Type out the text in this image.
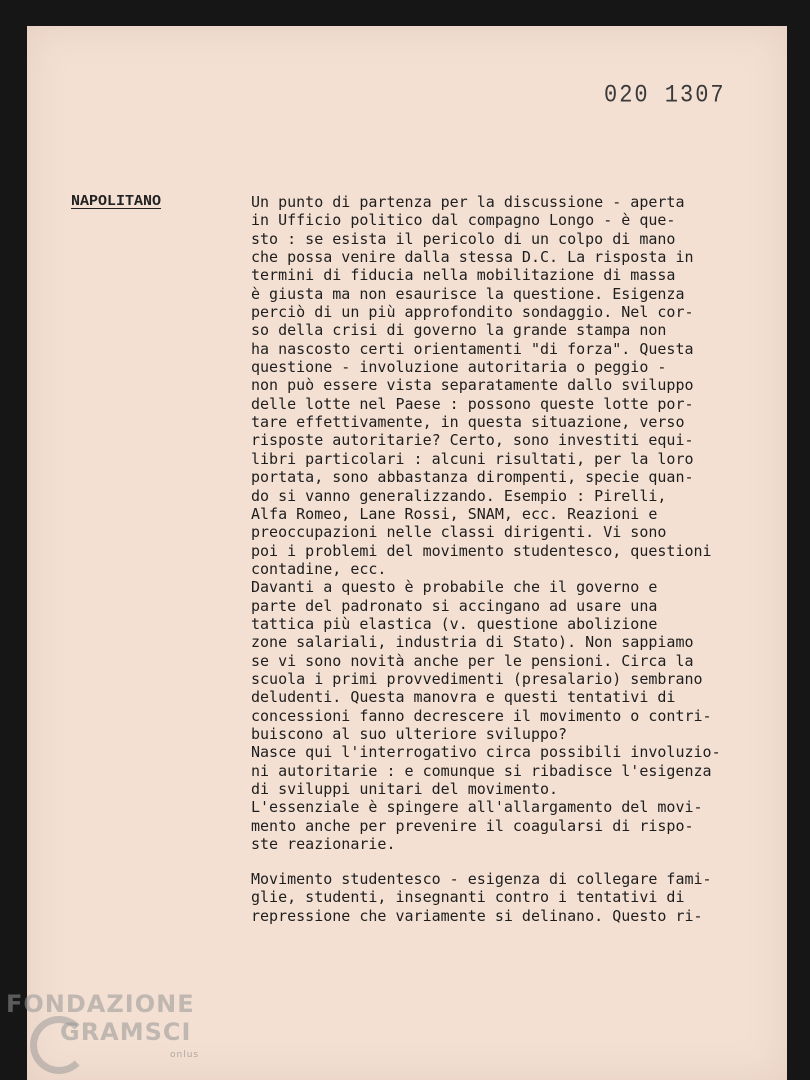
020 1307
NAPOLITANO	Un punto di partenza per la discussione - aperta
in Ufficio politico dal compagno Longo - è que-
sto : se esista il pericolo di un colpo di mano
che possa venire dalla stessa D.C. La risposta in
termini di fiducia nella mobilitazione di massa
è giusta ma non esaurisce la questione. Esigenza
perciò di un più approfondito sondaggio. Nel cor-
so della crisi di governo la grande stampa non
ha nascosto certi orientamenti "di forza". Questa
questione - involuzione autoritaria o peggio -
non può essere vista separatamente dallo sviluppo
delle lotte nel Paese : possono queste lotte por-
tare effettivamente, in questa situazione, verso
risposte autoritarie? Certo, sono investiti equi-
libri particolari : alcuni risultati, per la loro
portata, sono abbastanza dirompenti, specie quan-
do si vanno generalizzando. Esempio : Pirelli,
Alfa Romeo, Lane Rossi, SNAM, ecc. Reazioni e
preoccupazioni nelle classi dirigenti. Vi sono
poi i problemi del movimento studentesco, questioni
contadine, ecc.
Davanti a questo è probabile che il governo e
parte del padronato si accingano ad usare una
tattica più elastica (v. questione abolizione
zone salariali, industria di Stato). Non sappiamo
se vi sono novità anche per le pensioni. Circa la
scuola i primi provvedimenti (presalario) sembrano
deludenti. Questa manovra e questi tentativi di
concessioni fanno decrescere il movimento o contri-
buiscono al suo ulteriore sviluppo?
Nasce qui l'interrogativo circa possibili involuzio-
ni autoritarie : e comunque si ribadisce l'esigenza
di sviluppi unitari del movimento.
L'essenziale è spingere all'allargamento del movi-
mento anche per prevenire il coagularsi di rispo-
ste reazionarie.
Movimento studentesco - esigenza di collegare fami-
glie, studenti, insegnanti contro i tentativi di
repressione che variamente si delinano. Questo ri-
FONDAZIONE
GRAMSCI
onlus
